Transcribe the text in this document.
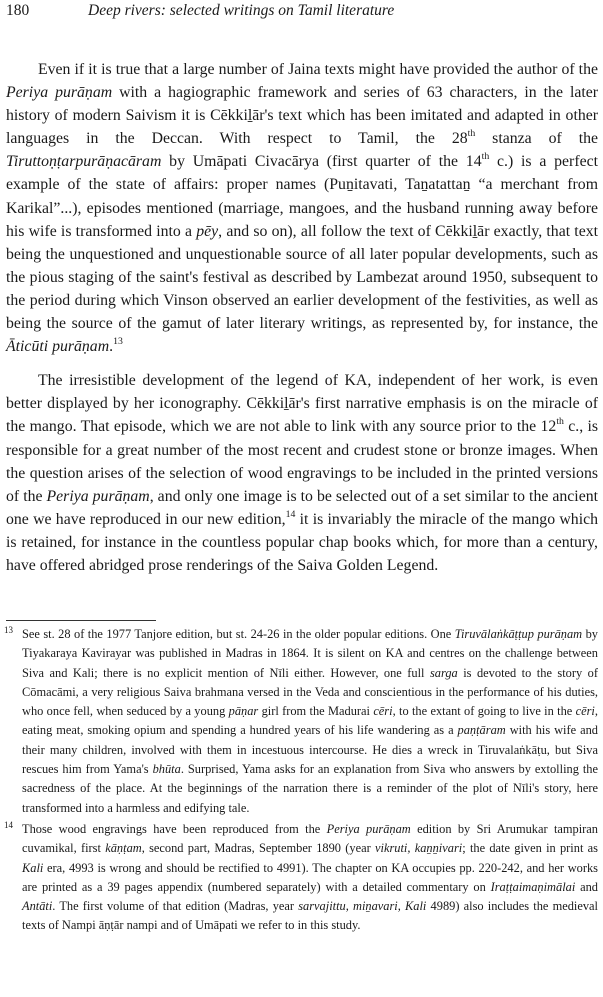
180	Deep rivers: selected writings on Tamil literature

Even if it is true that a large number of Jaina texts might have provided the author of the Periya purāṇam with a hagiographic framework and series of 63 characters, in the later history of modern Saivism it is Cēkkiḻār's text which has been imitated and adapted in other languages in the Deccan. With respect to Tamil, the 28th stanza of the Tiruttoṇṭarpurāṇacāram by Umāpati Civacārya (first quarter of the 14th c.) is a perfect example of the state of affairs: proper names (Puṉitavati, Taṉatattaṉ “a merchant from Karikal”...), episodes mentioned (marriage, mangoes, and the husband running away before his wife is transformed into a pēy, and so on), all follow the text of Cēkkiḻār exactly, that text being the unquestioned and unquestionable source of all later popular developments, such as the pious staging of the saint's festival as described by Lambezat around 1950, subsequent to the period during which Vinson observed an earlier development of the festivities, as well as being the source of the gamut of later literary writings, as represented by, for instance, the Āticūti purāṇam.$^{13}$

The irresistible development of the legend of KA, independent of her work, is even better displayed by her iconography. Cēkkiḻār's first narrative emphasis is on the miracle of the mango. That episode, which we are not able to link with any source prior to the 12th c., is responsible for a great number of the most recent and crudest stone or bronze images. When the question arises of the selection of wood engravings to be included in the printed versions of the Periya purāṇam, and only one image is to be selected out of a set similar to the ancient one we have reproduced in our new edition,$^{14}$ it is invariably the miracle of the mango which is retained, for instance in the countless popular chap books which, for more than a century, have offered abridged prose renderings of the Saiva Golden Legend.

13 See st. 28 of the 1977 Tanjore edition, but st. 24-26 in the older popular editions. One Tiruvālaṅkāṭṭup purāṇam by Tiyakaraya Kavirayar was published in Madras in 1864. It is silent on KA and centres on the challenge between Siva and Kali; there is no explicit mention of Nīli either. However, one full sarga is devoted to the story of Cōmacāmi, a very religious Saiva brahmana versed in the Veda and conscientious in the performance of his duties, who once fell, when seduced by a young pāṇar girl from the Madurai cēri, to the extant of going to live in the cēri, eating meat, smoking opium and spending a hundred years of his life wandering as a paṇṭāram with his wife and their many children, involved with them in incestuous intercourse. He dies a wreck in Tiruvalaṅkāṭu, but Siva rescues him from Yama's bhūta. Surprised, Yama asks for an explanation from Siva who answers by extolling the sacredness of the place. At the beginnings of the narration there is a reminder of the plot of Nīli's story, here transformed into a harmless and edifying tale.
14 Those wood engravings have been reproduced from the Periya purāṇam edition by Sri Arumukar tampiran cuvamikal, first kāṇṭam, second part, Madras, September 1890 (year vikruti, kaṉṉivari; the date given in print as Kali era, 4993 is wrong and should be rectified to 4991). The chapter on KA occupies pp. 220-242, and her works are printed as a 39 pages appendix (numbered separately) with a detailed commentary on Iraṭṭaimaṇimālai and Antāti. The first volume of that edition (Madras, year sarvajittu, miṉavari, Kali 4989) also includes the medieval texts of Nampi āṇṭār nampi and of Umāpati we refer to in this study.
